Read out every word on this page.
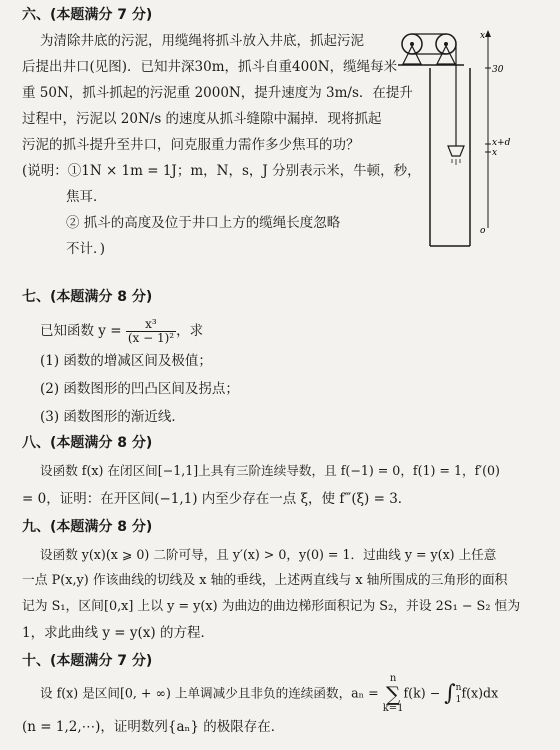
六、(本题满分 7 分)
为清除井底的污泥，用缆绳将抓斗放入井底，抓起污泥
后提出井口(见图)．已知井深30m，抓斗自重400N，缆绳每米
重 50N，抓斗抓起的污泥重 2000N，提升速度为 3m/s．在提升
过程中，污泥以 20N/s 的速度从抓斗缝隙中漏掉．现将抓起
污泥的抓斗提升至井口，问克服重力需作多少焦耳的功？
(说明：①1N × 1m = 1J；m，N，s，J 分别表示米，牛顿，秒，
焦耳．
② 抓斗的高度及位于井口上方的缆绳长度忽略
不计．)
x
30
x+d
x
o
七、(本题满分 8 分)
已知函数 $y = \frac{\text{x³}}{\text{(x − 1)²}}$ ，求
(1) 函数的增减区间及极值；
(2) 函数图形的凹凸区间及拐点；
(3) 函数图形的渐近线．
八、(本题满分 8 分)
设函数 f(x) 在闭区间[−1,1]上具有三阶连续导数，且 f(−1) = 0，f(1) = 1，f′(0)
= 0，证明：在开区间(−1,1) 内至少存在一点 ξ，使 f‴(ξ) = 3．
九、(本题满分 8 分)
设函数 y(x)(x ⩾ 0) 二阶可导，且 y′(x) > 0，y(0) = 1．过曲线 y = y(x) 上任意
一点 P(x,y) 作该曲线的切线及 x 轴的垂线，上述两直线与 x 轴所围成的三角形的面积
记为 S₁，区间[0,x] 上以 y = y(x) 为曲边的曲边梯形面积记为 S₂，并设 2S₁ − S₂ 恒为
1，求此曲线 y = y(x) 的方程．
十、(本题满分 7 分)
设 f(x) 是区间[0, + ∞) 上单调减少且非负的连续函数，aₙ = n
∑
k=1f(k) − ∫ n
1 f(x)dx
(n = 1,2,⋯)，证明数列{aₙ} 的极限存在．
